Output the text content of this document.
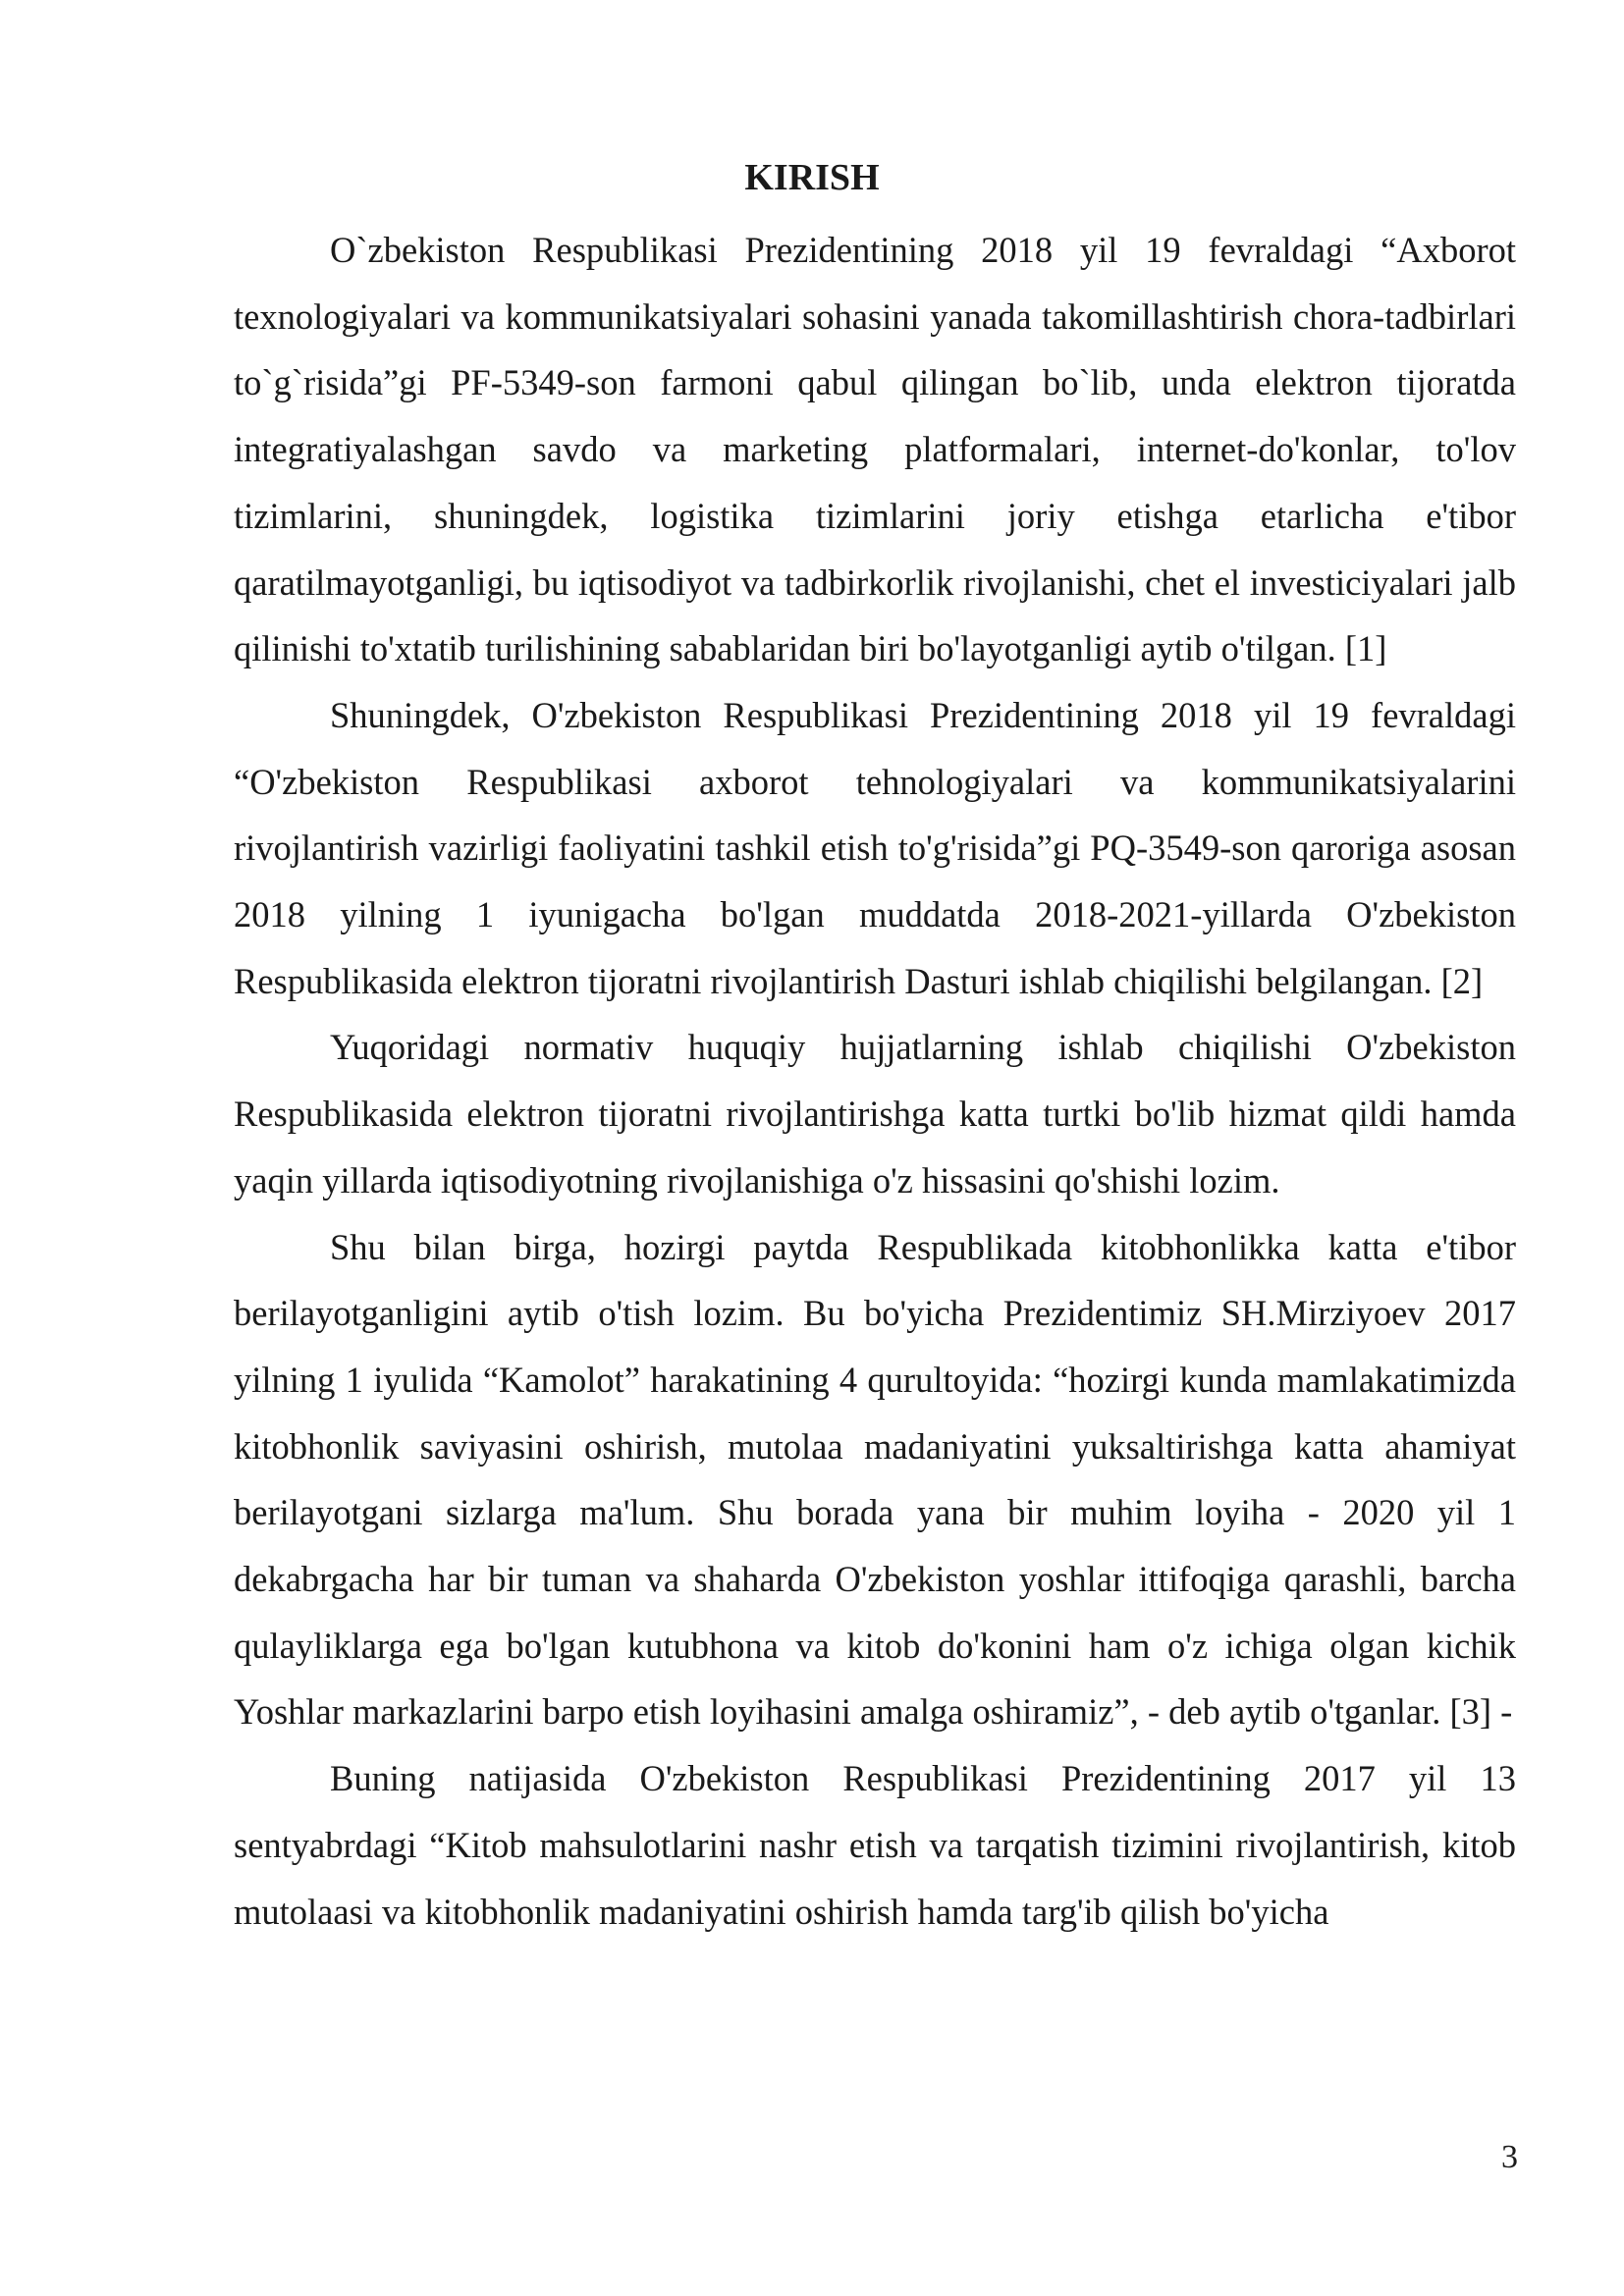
KIRISH

O`zbekiston Respublikasi Prezidentining 2018 yil 19 fevraldagi “Axborot texnologiyalari va kommunikatsiyalari sohasini yanada takomillashtirish chora-tadbirlari to`g`risida”gi PF-5349-son farmoni qabul qilingan bo`lib, unda elektron tijoratda integratiyalashgan savdo va marketing platformalari, internet-do'konlar, to'lov tizimlarini, shuningdek, logistika tizimlarini joriy etishga etarlicha e'tibor qaratilmayotganligi, bu iqtisodiyot va tadbirkorlik rivojlanishi, chet el investiciyalari jalb qilinishi to'xtatib turilishining sabablaridan biri bo'layotganligi aytib o'tilgan. [1]

Shuningdek, O'zbekiston Respublikasi Prezidentining 2018 yil 19 fevraldagi “O'zbekiston Respublikasi axborot tehnologiyalari va kommunikatsiyalarini rivojlantirish vazirligi faoliyatini tashkil etish to'g'risida”gi PQ-3549-son qaroriga asosan 2018 yilning 1 iyunigacha bo'lgan muddatda 2018-2021-yillarda O'zbekiston Respublikasida elektron tijoratni rivojlantirish Dasturi ishlab chiqilishi belgilangan. [2]

Yuqoridagi normativ huquqiy hujjatlarning ishlab chiqilishi O'zbekiston Respublikasida elektron tijoratni rivojlantirishga katta turtki bo'lib hizmat qildi hamda yaqin yillarda iqtisodiyotning rivojlanishiga o'z hissasini qo'shishi lozim.

Shu bilan birga, hozirgi paytda Respublikada kitobhonlikka katta e'tibor berilayotganligini aytib o'tish lozim. Bu bo'yicha Prezidentimiz SH.Mirziyoev 2017 yilning 1 iyulida “Kamolot” harakatining 4 qurultoyida: “hozirgi kunda mamlakatimizda kitobhonlik saviyasini oshirish, mutolaa madaniyatini yuksaltirishga katta ahamiyat berilayotgani sizlarga ma'lum. Shu borada yana bir muhim loyiha - 2020 yil 1 dekabrgacha har bir tuman va shaharda O'zbekiston yoshlar ittifoqiga qarashli, barcha qulayliklarga ega bo'lgan kutubhona va kitob do'konini ham o'z ichiga olgan kichik Yoshlar markazlarini barpo etish loyihasini amalga oshiramiz”, - deb aytib o'tganlar. [3] -

Buning natijasida O'zbekiston Respublikasi Prezidentining 2017 yil 13 sentyabrdagi “Kitob mahsulotlarini nashr etish va tarqatish tizimini rivojlantirish, kitob mutolaasi va kitobhonlik madaniyatini oshirish hamda targ'ib qilish bo'yicha

3
